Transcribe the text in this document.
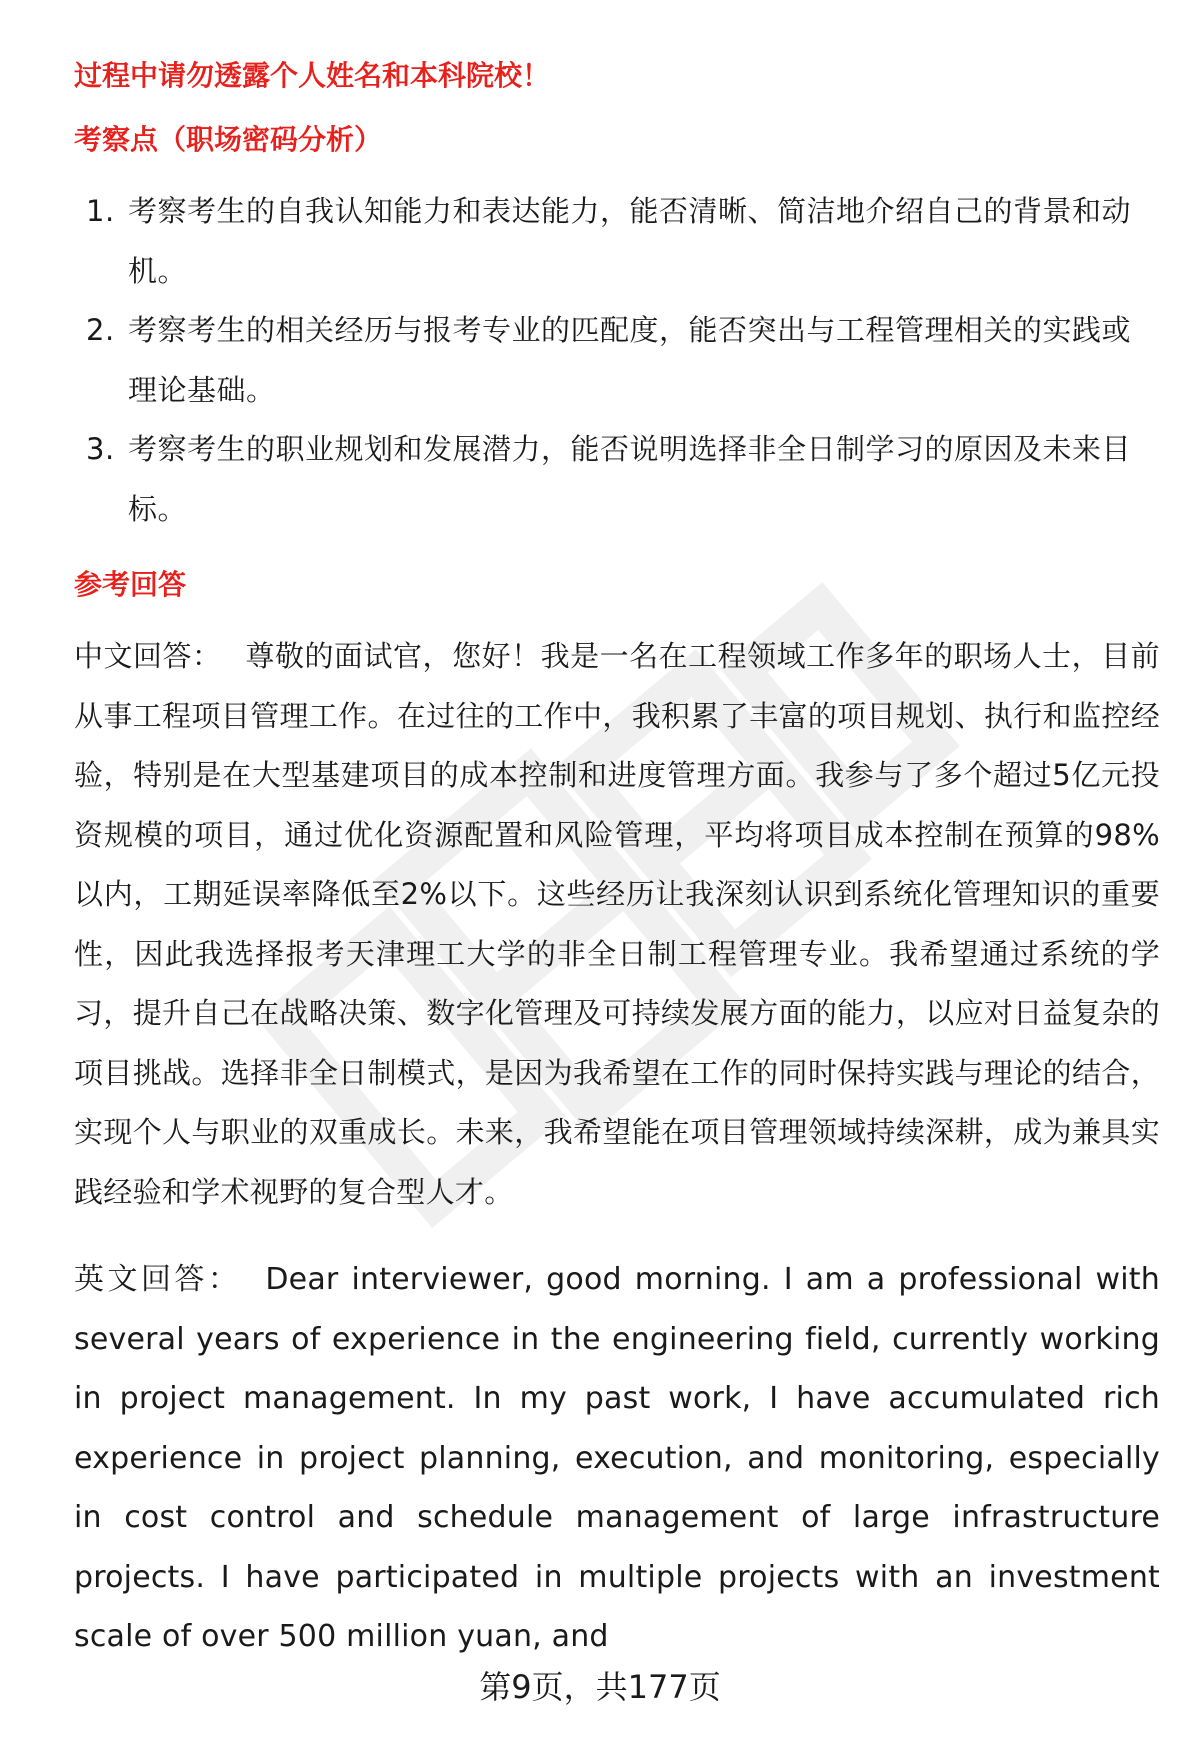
过程中请勿透露个人姓名和本科院校！

考察点（职场密码分析）

1. 考察考生的自我认知能力和表达能力，能否清晰、简洁地介绍自己的背景和动机。
2. 考察考生的相关经历与报考专业的匹配度，能否突出与工程管理相关的实践或理论基础。
3. 考察考生的职业规划和发展潜力，能否说明选择非全日制学习的原因及未来目标。

参考回答

中文回答： 尊敬的面试官，您好！我是一名在工程领域工作多年的职场人士，目前从事工程项目管理工作。在过往的工作中，我积累了丰富的项目规划、执行和监控经验，特别是在大型基建项目的成本控制和进度管理方面。我参与了多个超过5亿元投资规模的项目，通过优化资源配置和风险管理，平均将项目成本控制在预算的98%以内，工期延误率降低至2%以下。这些经历让我深刻认识到系统化管理知识的重要性，因此我选择报考天津理工大学的非全日制工程管理专业。我希望通过系统的学习，提升自己在战略决策、数字化管理及可持续发展方面的能力，以应对日益复杂的项目挑战。选择非全日制模式，是因为我希望在工作的同时保持实践与理论的结合，实现个人与职业的双重成长。未来，我希望能在项目管理领域持续深耕，成为兼具实践经验和学术视野的复合型人才。

英文回答： Dear interviewer, good morning. I am a professional with several years of experience in the engineering field, currently working in project management. In my past work, I have accumulated rich experience in project planning, execution, and monitoring, especially in cost control and schedule management of large infrastructure projects. I have participated in multiple projects with an investment scale of over 500 million yuan, and

第9页，共177页
